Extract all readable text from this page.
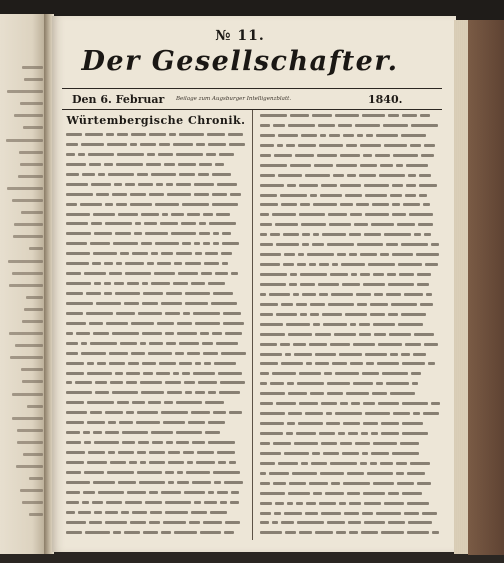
№ 11.
Der Gesellschafter.
Den 6. Februar Beilage zum Augsburger Intelligenzblatt.	1840.
Würtembergische Chronik.
